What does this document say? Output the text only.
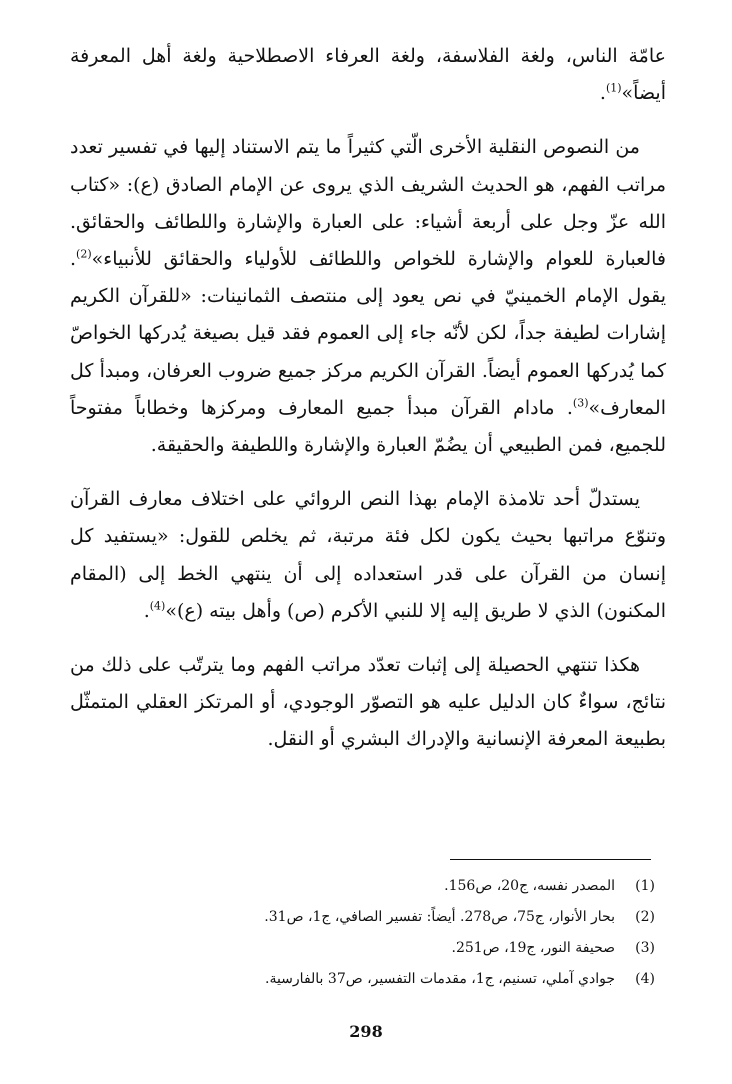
عامّة الناس، ولغة الفلاسفة، ولغة العرفاء الاصطلاحية ولغة أهل المعرفة أيضاً»$^{(1)}$.

من النصوص النقلية الأخرى الّتي كثيراً ما يتم الاستناد إليها في تفسير تعدد مراتب الفهم، هو الحديث الشريف الذي يروى عن الإمام الصادق (ع): «كتاب الله عزّ وجل على أربعة أشياء: على العبارة والإشارة واللطائف والحقائق. فالعبارة للعوام والإشارة للخواص واللطائف للأولياء والحقائق للأنبياء»$^{(2)}$. يقول الإمام الخمينيّ في نص يعود إلى منتصف الثمانينات: «للقرآن الكريم إشارات لطيفة جداً، لكن لأنّه جاء إلى العموم فقد قيل بصيغة يُدركها الخواصّ كما يُدركها العموم أيضاً. القرآن الكريم مركز جميع ضروب العرفان، ومبدأ كل المعارف»$^{(3)}$. مادام القرآن مبدأ جميع المعارف ومركزها وخطاباً مفتوحاً للجميع، فمن الطبيعي أن يضُمّ العبارة والإشارة واللطيفة والحقيقة.

يستدلّ أحد تلامذة الإمام بهذا النص الروائي على اختلاف معارف القرآن وتنوّع مراتبها بحيث يكون لكل فئة مرتبة، ثم يخلص للقول: «يستفيد كل إنسان من القرآن على قدر استعداده إلى أن ينتهي الخط إلى (المقام المكنون) الذي لا طريق إليه إلا للنبي الأكرم (ص) وأهل بيته (ع)»$^{(4)}$.

هكذا تنتهي الحصيلة إلى إثبات تعدّد مراتب الفهم وما يترتّب على ذلك من نتائج، سواءٌ كان الدليل عليه هو التصوّر الوجودي، أو المرتكز العقلي المتمثّل بطبيعة المعرفة الإنسانية والإدراك البشري أو النقل.

(1)المصدر نفسه، ج20، ص156.
(2)بحار الأنوار، ج75، ص278. أيضاً: تفسير الصافي، ج1، ص31.
(3)صحيفة النور، ج19، ص251.
(4)جوادي آملي، تسنيم، ج1، مقدمات التفسير، ص37 بالفارسية.
298
